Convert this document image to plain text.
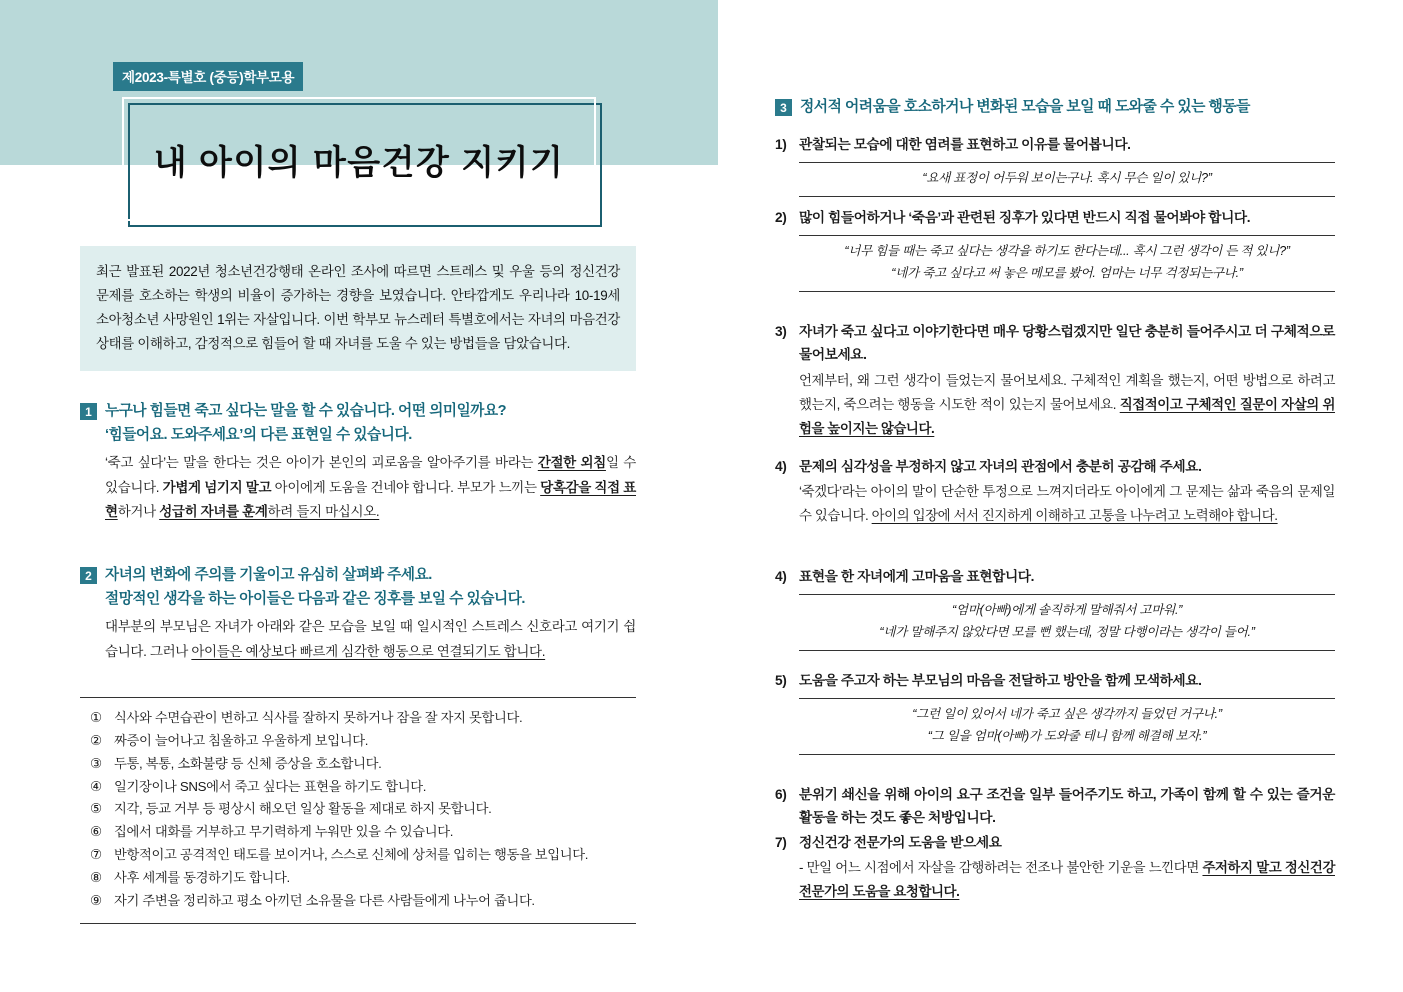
제2023-특별호 (중등)학부모용
내 아이의 마음건강 지키기
최근 발표된 2022년 청소년건강행태 온라인 조사에 따르면 스트레스 및 우울 등의 정신건강 문제를 호소하는 학생의 비율이 증가하는 경향을 보였습니다. 안타깝게도 우리나라 10-19세 소아청소년 사망원인 1위는 자살입니다. 이번 학부모 뉴스레터 특별호에서는 자녀의 마음건강 상태를 이해하고, 감정적으로 힘들어 할 때 자녀를 도울 수 있는 방법들을 담았습니다.
1 누구나 힘들면 죽고 싶다는 말을 할 수 있습니다. 어떤 의미일까요?
‘힘들어요. 도와주세요’의 다른 표현일 수 있습니다.
‘죽고 싶다’는 말을 한다는 것은 아이가 본인의 괴로움을 알아주기를 바라는 간절한 외침일 수 있습니다. 가볍게 넘기지 말고 아이에게 도움을 건네야 합니다. 부모가 느끼는 당혹감을 직접 표현하거나 성급히 자녀를 훈계하려 들지 마십시오.
2 자녀의 변화에 주의를 기울이고 유심히 살펴봐 주세요.
절망적인 생각을 하는 아이들은 다음과 같은 징후를 보일 수 있습니다.
대부분의 부모님은 자녀가 아래와 같은 모습을 보일 때 일시적인 스트레스 신호라고 여기기 쉽습니다. 그러나 아이들은 예상보다 빠르게 심각한 행동으로 연결되기도 합니다.
① 식사와 수면습관이 변하고 식사를 잘하지 못하거나 잠을 잘 자지 못합니다.
② 짜증이 늘어나고 침울하고 우울하게 보입니다.
③ 두통, 복통, 소화불량 등 신체 증상을 호소합니다.
④ 일기장이나 SNS에서 죽고 싶다는 표현을 하기도 합니다.
⑤ 지각, 등교 거부 등 평상시 해오던 일상 활동을 제대로 하지 못합니다.
⑥ 집에서 대화를 거부하고 무기력하게 누워만 있을 수 있습니다.
⑦ 반항적이고 공격적인 태도를 보이거나, 스스로 신체에 상처를 입히는 행동을 보입니다.
⑧ 사후 세계를 동경하기도 합니다.
⑨ 자기 주변을 정리하고 평소 아끼던 소유물을 다른 사람들에게 나누어 줍니다.
3 정서적 어려움을 호소하거나 변화된 모습을 보일 때 도와줄 수 있는 행동들
1) 관찰되는 모습에 대한 염려를 표현하고 이유를 물어봅니다.
“요새 표정이 어두워 보이는구나. 혹시 무슨 일이 있니?”
2) 많이 힘들어하거나 ‘죽음’과 관련된 징후가 있다면 반드시 직접 물어봐야 합니다.
“너무 힘들 때는 죽고 싶다는 생각을 하기도 한다는데... 혹시 그런 생각이 든 적 있니?”
“네가 죽고 싶다고 써 놓은 메모를 봤어. 엄마는 너무 걱정되는구나.”
3) 자녀가 죽고 싶다고 이야기한다면 매우 당황스럽겠지만 일단 충분히 들어주시고 더 구체적으로 물어보세요.
언제부터, 왜 그런 생각이 들었는지 물어보세요. 구체적인 계획을 했는지, 어떤 방법으로 하려고 했는지, 죽으려는 행동을 시도한 적이 있는지 물어보세요. 직접적이고 구체적인 질문이 자살의 위험을 높이지는 않습니다.
4) 문제의 심각성을 부정하지 않고 자녀의 관점에서 충분히 공감해 주세요.
‘죽겠다’라는 아이의 말이 단순한 투정으로 느껴지더라도 아이에게 그 문제는 삶과 죽음의 문제일 수 있습니다. 아이의 입장에 서서 진지하게 이해하고 고통을 나누려고 노력해야 합니다.
4) 표현을 한 자녀에게 고마움을 표현합니다.
“엄마(아빠)에게 솔직하게 말해줘서 고마워.”
“네가 말해주지 않았다면 모를 뻔 했는데, 정말 다행이라는 생각이 들어.”
5) 도움을 주고자 하는 부모님의 마음을 전달하고 방안을 함께 모색하세요.
“그런 일이 있어서 네가 죽고 싶은 생각까지 들었던 거구나.”
“그 일을 엄마(아빠)가 도와줄 테니 함께 해결해 보자.”
6) 분위기 쇄신을 위해 아이의 요구 조건을 일부 들어주기도 하고, 가족이 함께 할 수 있는 즐거운 활동을 하는 것도 좋은 처방입니다.
7) 정신건강 전문가의 도움을 받으세요
- 만일 어느 시점에서 자살을 감행하려는 전조나 불안한 기운을 느낀다면 주저하지 말고 정신건강 전문가의 도움을 요청합니다.
